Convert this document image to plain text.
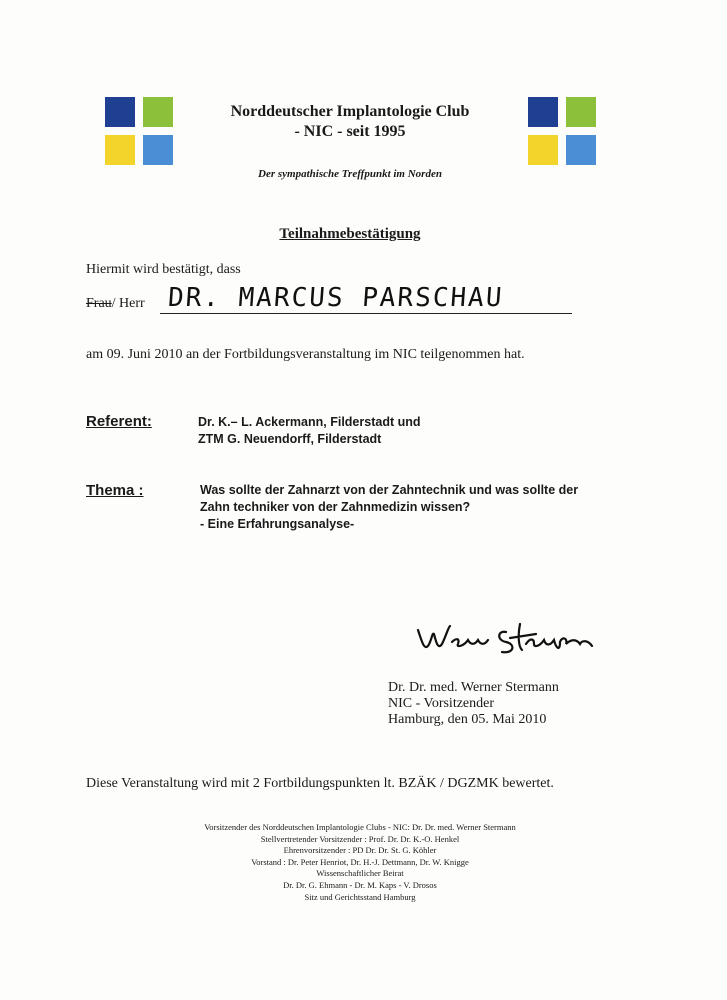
Norddeutscher Implantologie Club
- NIC - seit 1995
Der sympathische Treffpunkt im Norden
Teilnahmebestätigung
Hiermit wird bestätigt, dass
Frau/ Herr DR. MARCUS PARSCHAU
am 09. Juni 2010 an der Fortbildungsveranstaltung im NIC teilgenommen hat.
Referent:	Dr. K.– L. Ackermann, Filderstadt und
ZTM G. Neuendorff, Filderstadt
Thema :	Was sollte der Zahnarzt von der Zahntechnik und was sollte der
Zahn techniker von der Zahnmedizin wissen?
- Eine Erfahrungsanalyse-
Dr. Dr. med. Werner Stermann
NIC - Vorsitzender
Hamburg, den 05. Mai 2010
Diese Veranstaltung wird mit 2 Fortbildungspunkten lt. BZÄK / DGZMK bewertet.
Vorsitzender des Norddeutschen Implantologie Clubs - NIC: Dr. Dr. med. Werner Stermann
Stellvertretender Vorsitzender : Prof. Dr. Dr. K.-O. Henkel
Ehrenvorsitzender : PD Dr. Dr. St. G. Köhler
Vorstand : Dr. Peter Henriot, Dr. H.-J. Dettmann, Dr. W. Knigge
Wissenschaftlicher Beirat
Dr. Dr. G. Ehmann - Dr. M. Kaps - V. Drosos
Sitz und Gerichtsstand Hamburg
